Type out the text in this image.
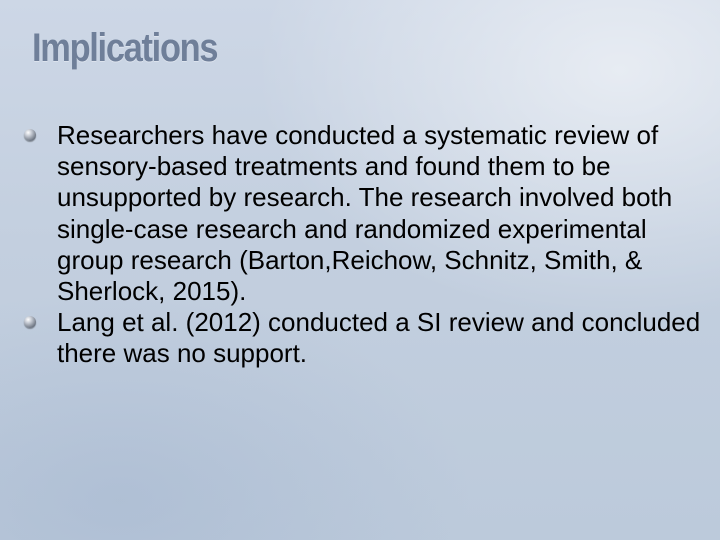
Implications
Researchers have conducted a systematic review of sensory-based treatments and found them to be unsupported by research. The research involved both single-case research and randomized experimental group research (Barton,Reichow, Schnitz, Smith, & Sherlock, 2015).
Lang et al. (2012) conducted a SI review and concluded there was no support.
